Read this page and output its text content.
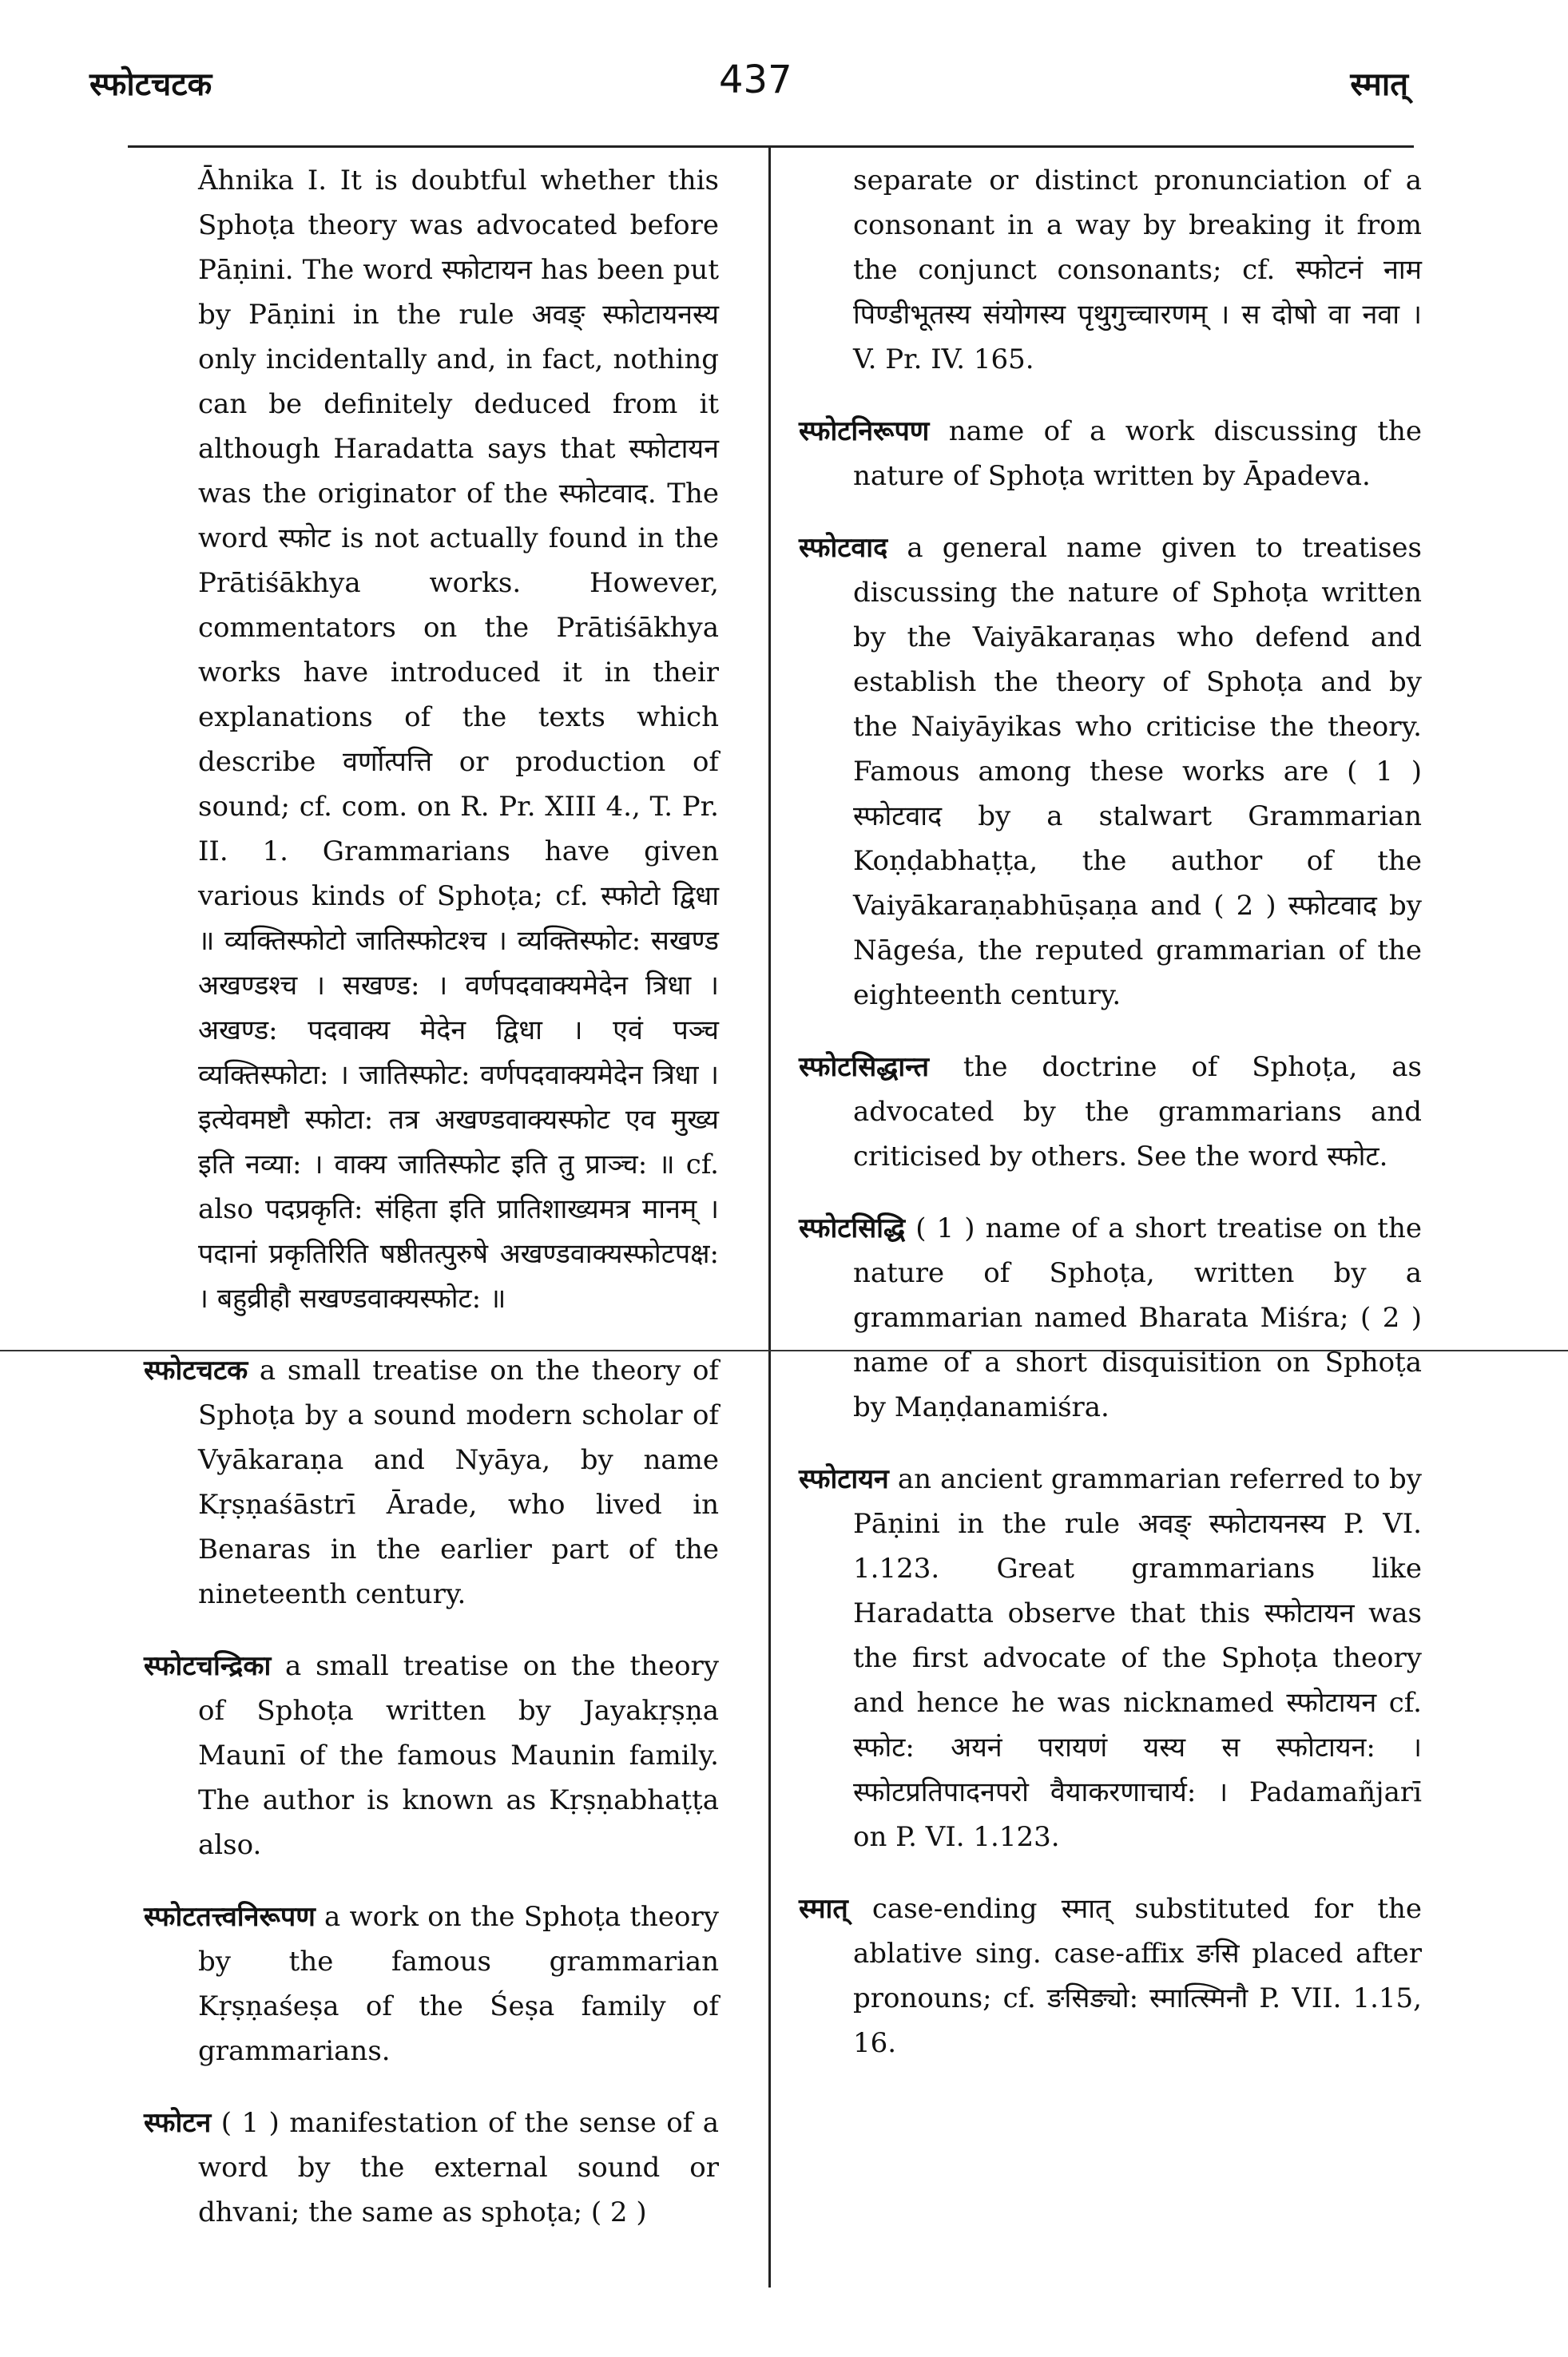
स्फोटचटक	437	स्मात्

Āhnika I. It is doubtful whether this Sphoṭa theory was advocated before Pāṇini. The word स्फोटायन has been put by Pāṇini in the rule अवङ् स्फोटायनस्य only incidentally and, in fact, nothing can be definitely deduced from it although Haradatta says that स्फोटायन was the originator of the स्फोटवाद. The word स्फोट is not actually found in the Prātiśākhya works. However, commentators on the Prātiśākhya works have introduced it in their explanations of the texts which describe वर्णोत्पत्ति or production of sound; cf. com. on R. Pr. XIII 4., T. Pr. II. 1. Grammarians have given various kinds of Sphoṭa; cf. स्फोटो द्विधा ॥ व्यक्तिस्फोटो जातिस्फोटश्च । व्यक्तिस्फोट: सखण्ड अखण्डश्च । सखण्ड: । वर्णपदवाक्यमेदेन त्रिधा । अखण्ड: पदवाक्य मेदेन द्विधा । एवं पञ्च व्यक्तिस्फोटा: । जातिस्फोट: वर्णपदवाक्यमेदेन त्रिधा । इत्येवमष्टौ स्फोटा: तत्र अखण्डवाक्यस्फोट एव मुख्य इति नव्या: । वाक्य जातिस्फोट इति तु प्राञ्च: ॥ cf. also पदप्रकृति: संहिता इति प्रातिशाख्यमत्र मानम् । पदानां प्रकृतिरिति षष्ठीतत्पुरुषे अखण्डवाक्यस्फोटपक्ष: । बहुव्रीहौ सखण्डवाक्यस्फोट: ॥

स्फोटचटक a small treatise on the theory of Sphoṭa by a sound modern scholar of Vyākaraṇa and Nyāya, by name Kṛṣṇaśāstrī Ārade, who lived in Benaras in the earlier part of the nineteenth century.

स्फोटचन्द्रिका a small treatise on the theory of Sphoṭa written by Jayakṛṣṇa Maunī of the famous Maunin family. The author is known as Kṛṣṇabhaṭṭa also.

स्फोटतत्त्वनिरूपण a work on the Sphoṭa theory by the famous grammarian Kṛṣṇaśeṣa of the Śeṣa family of grammarians.

स्फोटन ( 1 ) manifestation of the sense of a word by the external sound or dhvani; the same as sphoṭa; ( 2 )

separate or distinct pronunciation of a consonant in a way by breaking it from the conjunct consonants; cf. स्फोटनं नाम पिण्डीभूतस्य संयोगस्य पृथुगुच्चारणम् । स दोषो वा नवा । V. Pr. IV. 165.

स्फोटनिरूपण name of a work discussing the nature of Sphoṭa written by Āpadeva.

स्फोटवाद a general name given to treatises discussing the nature of Sphoṭa written by the Vaiyākaraṇas who defend and establish the theory of Sphoṭa and by the Naiyāyikas who criticise the theory. Famous among these works are ( 1 ) स्फोटवाद by a stalwart Grammarian Koṇḍabhaṭṭa, the author of the Vaiyākaraṇabhūṣaṇa and ( 2 ) स्फोटवाद by Nāgeśa, the reputed grammarian of the eighteenth century.

स्फोटसिद्धान्त the doctrine of Sphoṭa, as advocated by the grammarians and criticised by others. See the word स्फोट.

स्फोटसिद्धि ( 1 ) name of a short treatise on the nature of Sphoṭa, written by a grammarian named Bharata Miśra; ( 2 ) name of a short disquisition on Sphoṭa by Maṇḍanamiśra.

स्फोटायन an ancient grammarian referred to by Pāṇini in the rule अवङ् स्फोटायनस्य P. VI. 1.123. Great grammarians like Haradatta observe that this स्फोटायन was the first advocate of the Sphoṭa theory and hence he was nicknamed स्फोटायन cf. स्फोट: अयनं परायणं यस्य स स्फोटायन: । स्फोटप्रतिपादनपरो वैयाकरणाचार्य: । Padamañjarī on P. VI. 1.123.

स्मात् case-ending स्मात् substituted for the ablative sing. case-affix ङसि placed after pronouns; cf. ङसिङ्यो: स्मात्स्मिनौ P. VII. 1.15, 16.
